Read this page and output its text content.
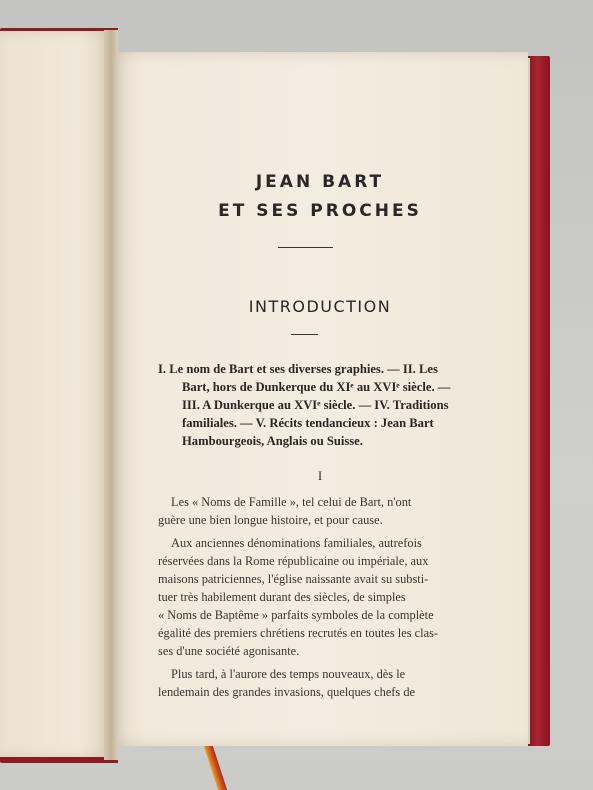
JEAN BART
ET SES PROCHES
INTRODUCTION
I. Le nom de Bart et ses diverses graphies. — II. Les
Bart, hors de Dunkerque du XIᵉ au XVIᵉ siècle. —
III. A Dunkerque au XVIᵉ siècle. — IV. Traditions
familiales. — V. Récits tendancieux : Jean Bart
Hambourgeois, Anglais ou Suisse.
I
Les « Noms de Famille », tel celui de Bart, n'ont
guère une bien longue histoire, et pour cause.
Aux anciennes dénominations familiales, autrefois
réservées dans la Rome républicaine ou impériale, aux
maisons patriciennes, l'église naissante avait su substi-
tuer très habilement durant des siècles, de simples
« Noms de Baptême » parfaits symboles de la complète
égalité des premiers chrétiens recrutés en toutes les clas-
ses d'une société agonisante.
Plus tard, à l'aurore des temps nouveaux, dès le
lendemain des grandes invasions, quelques chefs de
